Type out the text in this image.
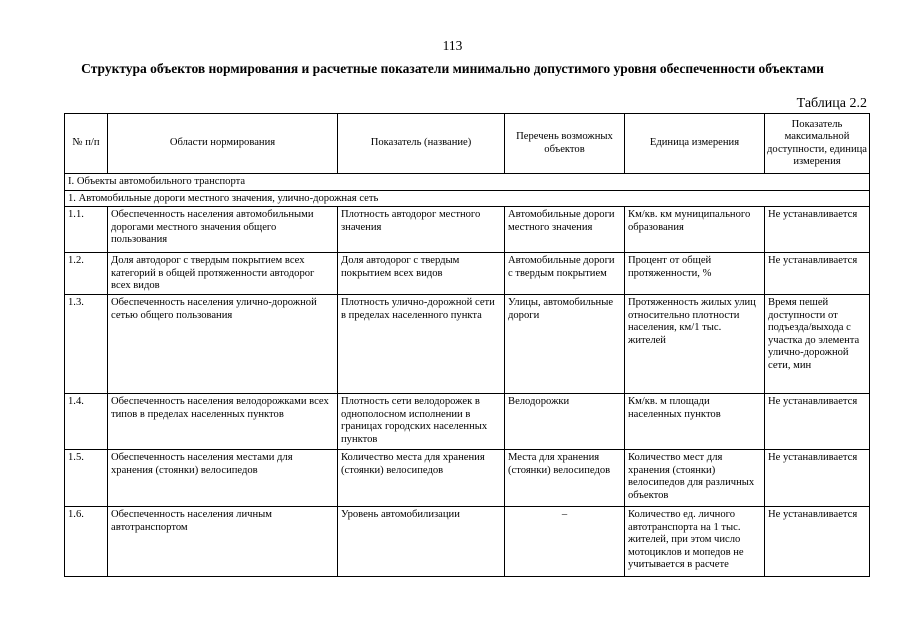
113
Структура объектов нормирования и расчетные показатели минимально допустимого уровня обеспеченности объектами
Таблица 2.2
№ п/п	Области нормирования	Показатель (название)	Перечень возможных объектов	Единица измерения	Показатель максимальной доступности, единица измерения
I. Объекты автомобильного транспорта					
1. Автомобильные дороги местного значения, улично-дорожная сеть					
1.1.	Обеспеченность населения автомобильными дорогами местного значения общего пользования	Плотность автодорог местного значения	Автомобильные дороги местного значения	Км/кв. км муниципального образования	Не устанавливается
1.2.	Доля автодорог с твердым покрытием всех категорий в общей протяженности автодорог всех видов	Доля автодорог с твердым покрытием всех видов	Автомобильные дороги с твердым покрытием	Процент от общей протяженности, %	Не устанавливается
1.3.	Обеспеченность населения улично-дорожной сетью общего пользования	Плотность улично-дорожной сети в пределах населенного пункта	Улицы, автомобильные дороги	Протяженность жилых улиц относительно плотности населения, км/1 тыс. жителей	Время пешей доступности от подъезда/выхода с участка до элемента улично-дорожной сети, мин
1.4.	Обеспеченность населения велодорожками всех типов в пределах населенных пунктов	Плотность сети велодорожек в однополосном исполнении в границах городских населенных пунктов	Велодорожки	Км/кв. м площади населенных пунктов	Не устанавливается
1.5.	Обеспеченность населения местами для хранения (стоянки) велосипедов	Количество места для хранения (стоянки) велосипедов	Места для хранения (стоянки) велосипедов	Количество мест для хранения (стоянки) велосипедов для различных объектов	Не устанавливается
1.6.	Обеспеченность населения личным автотранспортом	Уровень автомобилизации	–	Количество ед. личного автотранспорта на 1 тыс. жителей, при этом число мотоциклов и мопедов не учитывается в расчете	Не устанавливается
